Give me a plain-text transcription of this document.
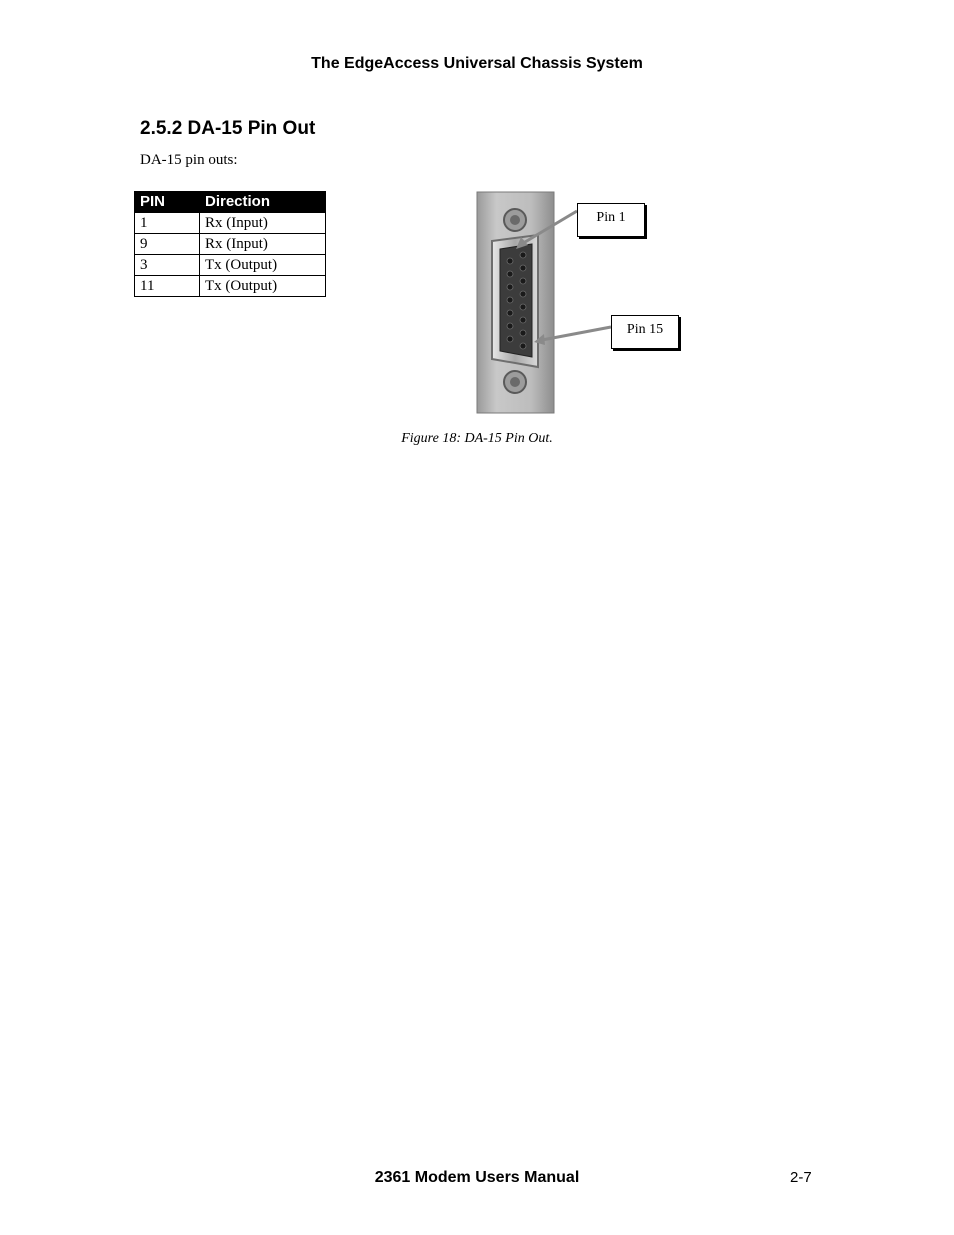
The EdgeAccess Universal Chassis System
2.5.2 DA-15 Pin Out
DA-15 pin outs:
PIN	Direction
1	Rx (Input)
9	Rx (Input)
3	Tx (Output)
11	Tx (Output)
Pin 1
Pin 15
Figure 18: DA-15 Pin Out.
2361 Modem Users Manual	2-7
